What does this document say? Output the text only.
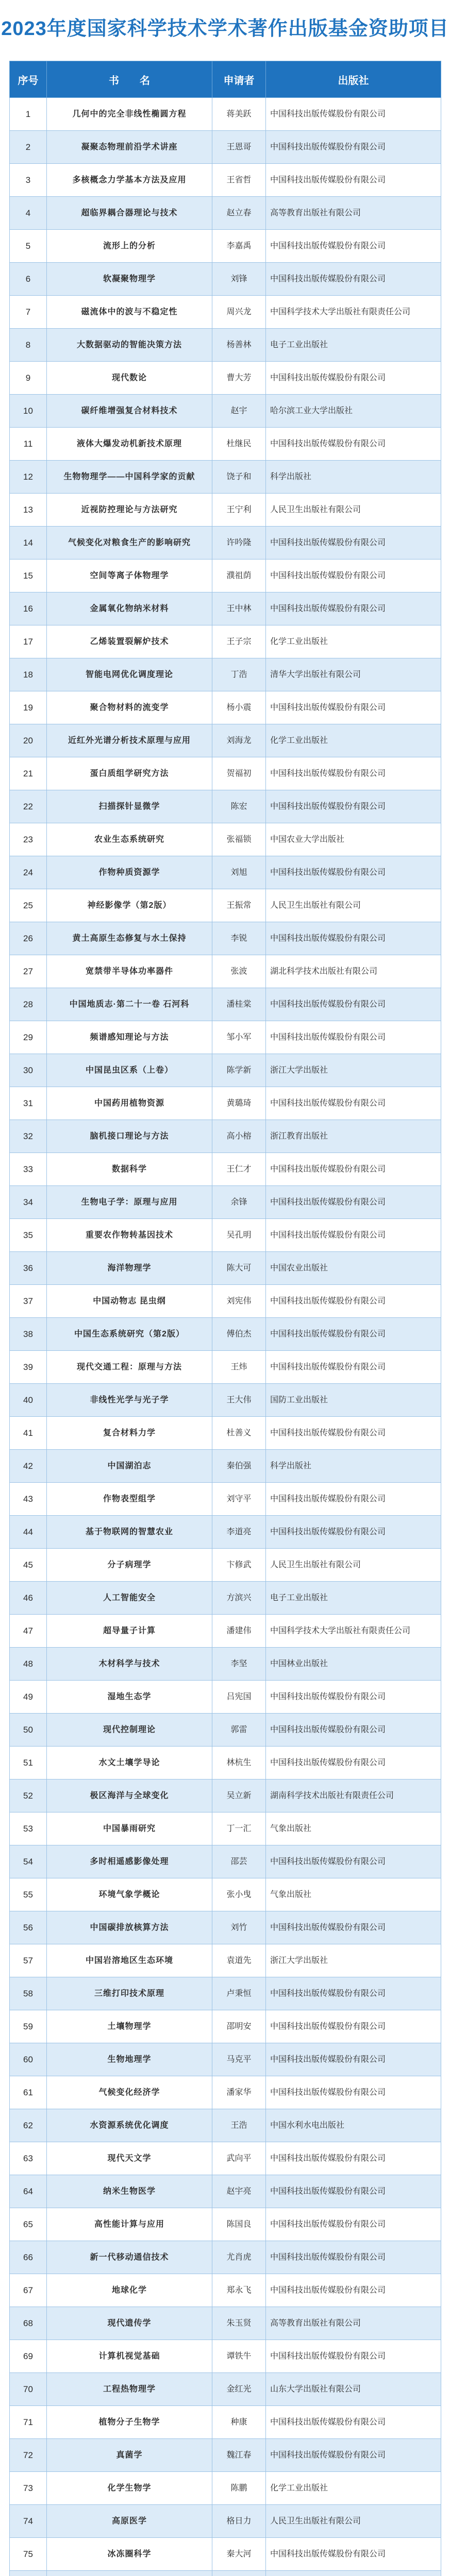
2023年度国家科学技术学术著作出版基金资助项目
序号	书　　名	申请者	出版社
1	几何中的完全非线性椭圆方程	蒋美跃	中国科技出版传媒股份有限公司
2	凝聚态物理前沿学术讲座	王恩哥	中国科技出版传媒股份有限公司
3	多核概念力学基本方法及应用	王省哲	中国科技出版传媒股份有限公司
4	超临界耦合器理论与技术	赵立春	高等教育出版社有限公司
5	流形上的分析	李嘉禹	中国科技出版传媒股份有限公司
6	软凝聚物理学	刘锋	中国科技出版传媒股份有限公司
7	磁流体中的波与不稳定性	周兴龙	中国科学技术大学出版社有限责任公司
8	大数据驱动的智能决策方法	杨善林	电子工业出版社
9	现代数论	曹大芳	中国科技出版传媒股份有限公司
10	碳纤维增强复合材料技术	赵宇	哈尔滨工业大学出版社
11	液体大爆发动机新技术原理	杜继民	中国科技出版传媒股份有限公司
12	生物物理学——中国科学家的贡献	饶子和	科学出版社
13	近视防控理论与方法研究	王宁利	人民卫生出版社有限公司
14	气候变化对粮食生产的影响研究	许吟隆	中国科技出版传媒股份有限公司
15	空间等离子体物理学	濮祖荫	中国科技出版传媒股份有限公司
16	金属氧化物纳米材料	王中林	中国科技出版传媒股份有限公司
17	乙烯装置裂解炉技术	王子宗	化学工业出版社
18	智能电网优化调度理论	丁浩	清华大学出版社有限公司
19	聚合物材料的流变学	杨小震	中国科技出版传媒股份有限公司
20	近红外光谱分析技术原理与应用	刘海龙	化学工业出版社
21	蛋白质组学研究方法	贺福初	中国科技出版传媒股份有限公司
22	扫描探针显微学	陈宏	中国科技出版传媒股份有限公司
23	农业生态系统研究	张福锁	中国农业大学出版社
24	作物种质资源学	刘旭	中国科技出版传媒股份有限公司
25	神经影像学（第2版）	王振常	人民卫生出版社有限公司
26	黄土高原生态修复与水土保持	李锐	中国科技出版传媒股份有限公司
27	宽禁带半导体功率器件	张波	湖北科学技术出版社有限公司
28	中国地质志·第二十一卷 石河科	潘桂棠	中国科技出版传媒股份有限公司
29	频谱感知理论与方法	邹小军	中国科技出版传媒股份有限公司
30	中国昆虫区系（上卷）	陈学新	浙江大学出版社
31	中国药用植物资源	黄璐琦	中国科技出版传媒股份有限公司
32	脑机接口理论与方法	高小榕	浙江教育出版社
33	数据科学	王仁才	中国科技出版传媒股份有限公司
34	生物电子学：原理与应用	余锋	中国科技出版传媒股份有限公司
35	重要农作物转基因技术	吴孔明	中国科技出版传媒股份有限公司
36	海洋物理学	陈大可	中国农业出版社
37	中国动物志 昆虫纲	刘宪伟	中国科技出版传媒股份有限公司
38	中国生态系统研究（第2版）	傅伯杰	中国科技出版传媒股份有限公司
39	现代交通工程：原理与方法	王炜	中国科技出版传媒股份有限公司
40	非线性光学与光子学	王大伟	国防工业出版社
41	复合材料力学	杜善义	中国科技出版传媒股份有限公司
42	中国湖泊志	秦伯强	科学出版社
43	作物表型组学	刘守平	中国科技出版传媒股份有限公司
44	基于物联网的智慧农业	李道亮	中国科技出版传媒股份有限公司
45	分子病理学	卞修武	人民卫生出版社有限公司
46	人工智能安全	方滨兴	电子工业出版社
47	超导量子计算	潘建伟	中国科学技术大学出版社有限责任公司
48	木材科学与技术	李坚	中国林业出版社
49	湿地生态学	吕宪国	中国科技出版传媒股份有限公司
50	现代控制理论	郭雷	中国科技出版传媒股份有限公司
51	水文土壤学导论	林杭生	中国科技出版传媒股份有限公司
52	极区海洋与全球变化	吴立新	湖南科学技术出版社有限责任公司
53	中国暴雨研究	丁一汇	气象出版社
54	多时相遥感影像处理	邵芸	中国科技出版传媒股份有限公司
55	环境气象学概论	张小曳	气象出版社
56	中国碳排放核算方法	刘竹	中国科技出版传媒股份有限公司
57	中国岩溶地区生态环境	袁道先	浙江大学出版社
58	三维打印技术原理	卢秉恒	中国科技出版传媒股份有限公司
59	土壤物理学	邵明安	中国科技出版传媒股份有限公司
60	生物地理学	马克平	中国科技出版传媒股份有限公司
61	气候变化经济学	潘家华	中国科技出版传媒股份有限公司
62	水资源系统优化调度	王浩	中国水利水电出版社
63	现代天文学	武向平	中国科技出版传媒股份有限公司
64	纳米生物医学	赵宇亮	中国科技出版传媒股份有限公司
65	高性能计算与应用	陈国良	中国科技出版传媒股份有限公司
66	新一代移动通信技术	尤肖虎	中国科技出版传媒股份有限公司
67	地球化学	郑永飞	中国科技出版传媒股份有限公司
68	现代遗传学	朱玉贤	高等教育出版社有限公司
69	计算机视觉基础	谭铁牛	中国科技出版传媒股份有限公司
70	工程热物理学	金红光	山东大学出版社有限公司
71	植物分子生物学	种康	中国科技出版传媒股份有限公司
72	真菌学	魏江春	中国科技出版传媒股份有限公司
73	化学生物学	陈鹏	化学工业出版社
74	高原医学	格日力	人民卫生出版社有限公司
75	冰冻圈科学	秦大河	中国科技出版传媒股份有限公司
